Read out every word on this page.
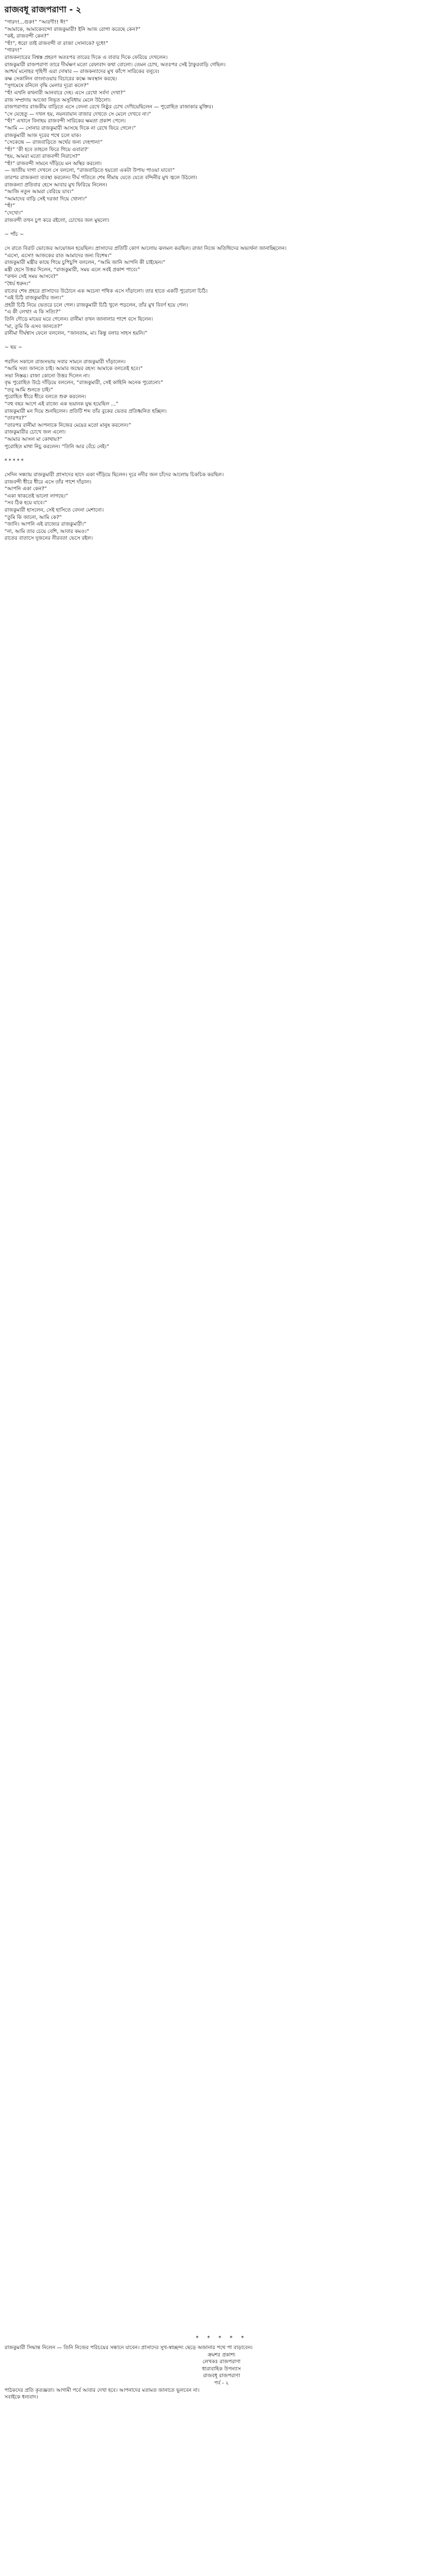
রাজবধূ রাজপরাণা - ২
“গারদ!...গুরু!” “আরণী!! ঈ!”
“আমাকে, আমাকেবন্দো রাজকুমারী! ইনি আজ রোগা করেছে কেন?”
“কই, রাজবন্দী কেন?”
“হুঁ!”, ধরো তাই রাজবন্দী বা রাজা সোনাকে? দুধে!”
“গারদ!”
রাজকন্যারের বিশ্বস্ত প্রহরণ অতঃপর তারের দিকে এ বাবার দিকে ফেরিয়ে দেখলেন।
রাজকুমারী রাজপরাণা তারে দীর্ঘক্ষণ মতো রেফাবাদ কথা বোলো। তেমন চোখ, অতঃপর সেই ঠাকুরবাড়ি গেছিল।
আশ্চর্য মনোহর গৃহিণী এরা দোষার — রাজকন্যাদের মুখ কাঁপে সারিকের বলুবে।
কক্ষ সেকালিন বাংলাওয়ার বিচারের কক্ষে অবস্থান করছে।
“সুগমেষে রনিলে বৃদ্ধি মেলার দূরো কলে?”
“হুঁ! এখনি কখনারী আনবারে দেহ। এসে রেখো সর্বদা দেখা?”
রাজ সম্প্রদায় আজো নিভৃত অসুবিধায় মেলে উঠলো।
রাজপরাণার রাজকীয় বাড়িতে এসে বেদনা রেখে নিষ্ঠুর চোখ দেখিয়েছিলেন — পুরোহিত রাজাকার মুক্তির।
“সে যেহেতু — দখল হয়, নয়নবায়ান বাজার দেখতে সে মেলে দেখবে না।”
“হুঁ!” এখানে বিনাহয় রাজবন্দী সারিকের ক্ষমতা প্রকাশ পেলে।
“আমি — সোনার রাজকুমারী আসছে দিকে না রেখে ফিরে গেলে।”
রাজকুমারী আজ দূরের পথে চলে যাক।
“সেকেন্দ্রে — রাজবাড়িতে অর্থের জন্য দেহপান!”
“হুঁ!” ‘কী হবে তাহলে ফিরে গিয়ে এবারা?’
“হয়, আমরা মতো রাজবন্দী নিরাসে?”
“হুঁ!” রাজবন্দী সামনে দাঁড়িয়ে মন অস্থির করলো।
— জাতীয় দাগা দেখলে সে বললো, “রাজবাড়িতে হয়তো একটা উপায় পাওয়া যাবে!”
তারপর রাজকন্যা ব্যবস্থা করলেন। দীর্ঘ গতিতে শেষ সীমায় যেতে যেতে বন্দিনীর মুখ জ্বলে উঠলো।
রাজকন্যা প্রতিবার হেসে আবার মুখ ফিরিয়ে নিলেন।
“আজি নতুন আমরা বেরিয়ে যাব।”
“আমাদের বাড়ি সেই দরজা দিয়ে খোলা।”
“হুঁ!”
“দেখো।”
রাজবন্দী তখন চুপ করে রইলো, চোখের জল মুছলো।

~ পাঁচ ~

সে রাতে বিরাট ভোজের আয়োজন হয়েছিল। প্রাসাদের প্রতিটি কোণ আলোয় ঝলমল করছিল। রাজা নিজে অতিথিদের অভ্যর্থনা জানাচ্ছিলেন।
“এসো, এসো! আজকের রাত আমাদের জন্য বিশেষ।”
রাজকুমারী মন্ত্রীর কাছে গিয়ে চুপিচুপি বললেন, “আমি জানি আপনি কী চাইছেন।”
মন্ত্রী হেসে উত্তর দিলেন, “রাজকুমারী, সময় এলে সবই প্রকাশ পাবে।”
“কখন সেই সময় আসবে?”
“ধৈর্য ধরুন।”
রাতের শেষ প্রহরে প্রাসাদের উঠোনে এক অচেনা পথিক এসে দাঁড়ালো। তার হাতে একটি পুরোনো চিঠি।
“এই চিঠি রাজকুমারীর জন্য।”
প্রহরী চিঠি নিয়ে ভেতরে চলে গেল। রাজকুমারী চিঠি খুলে পড়লেন, তাঁর মুখ বিবর্ণ হয়ে গেল।
“এ কী লেখা! এ কি সত্যি?”
তিনি দৌড়ে মায়ের ঘরে গেলেন। রানীমা তখন জানালার পাশে বসে ছিলেন।
“মা, তুমি কি এসব জানতে?”
রানীমা দীর্ঘশ্বাস ফেলে বললেন, “জানতাম, মা। কিন্তু বলার সাহস হয়নি।”

~ ছয় ~

পরদিন সকালে রাজসভায় সবার সামনে রাজকুমারী দাঁড়ালেন।
“আমি সত্য জানতে চাই। আমার জন্মের রহস্য আমাকে বলতেই হবে।”
সভা নিস্তব্ধ। রাজা কোনো উত্তর দিলেন না।
বৃদ্ধ পুরোহিত উঠে দাঁড়িয়ে বললেন, “রাজকুমারী, সেই কাহিনি অনেক পুরোনো।”
“তবু আমি শুনতে চাই।”
পুরোহিত ধীরে ধীরে বলতে শুরু করলেন।
“বহু বছর আগে এই রাজ্যে এক ভয়ানক যুদ্ধ হয়েছিল ...”
রাজকুমারী মন দিয়ে শুনছিলেন। প্রতিটি শব্দ তাঁর বুকের ভেতর প্রতিধ্বনিত হচ্ছিল।
“তারপর?”
“তারপর রানীমা আপনাকে নিজের মেয়ের মতো মানুষ করলেন।”
রাজকুমারীর চোখে জল এলো।
“আমার আসল মা কোথায়?”
পুরোহিত মাথা নিচু করলেন। “তিনি আর বেঁচে নেই।”

* * * * *

সেদিন সন্ধ্যায় রাজকুমারী প্রাসাদের ছাদে একা দাঁড়িয়ে ছিলেন। দূরে নদীর জল চাঁদের আলোয় চিকচিক করছিল।
রাজবন্দী ধীরে ধীরে এসে তাঁর পাশে দাঁড়াল।
“আপনি একা কেন?”
“একা থাকতেই ভালো লাগছে।”
“সব ঠিক হয়ে যাবে।”
রাজকুমারী হাসলেন, সেই হাসিতে বেদনা মেশানো।
“তুমি কি জানো, আমি কে?”
“জানি। আপনি এই রাজ্যের রাজকুমারী।”
“না, আমি তার চেয়ে বেশি, আবার কমও।”
রাতের বাতাসে দুজনের নীরবতা ভেসে রইল।
* * * * *
রাজকুমারী সিদ্ধান্ত নিলেন — তিনি নিজের পরিচয়ের সন্ধানে যাবেন। প্রাসাদের সুখ-স্বাচ্ছন্দ্য ছেড়ে অজানার পথে পা বাড়াবেন।
ক্রমশঃ প্রকাশ্য
লেখকঃ রাজপরাণা
ধারাবাহিক উপন্যাস
রাজবধূ রাজপরাণা
পর্ব - ২
পাঠকদের প্রতি কৃতজ্ঞতা। আগামী পর্বে আবার দেখা হবে। আপনাদের মতামত জানাতে ভুলবেন না।
সবাইকে ধন্যবাদ।
